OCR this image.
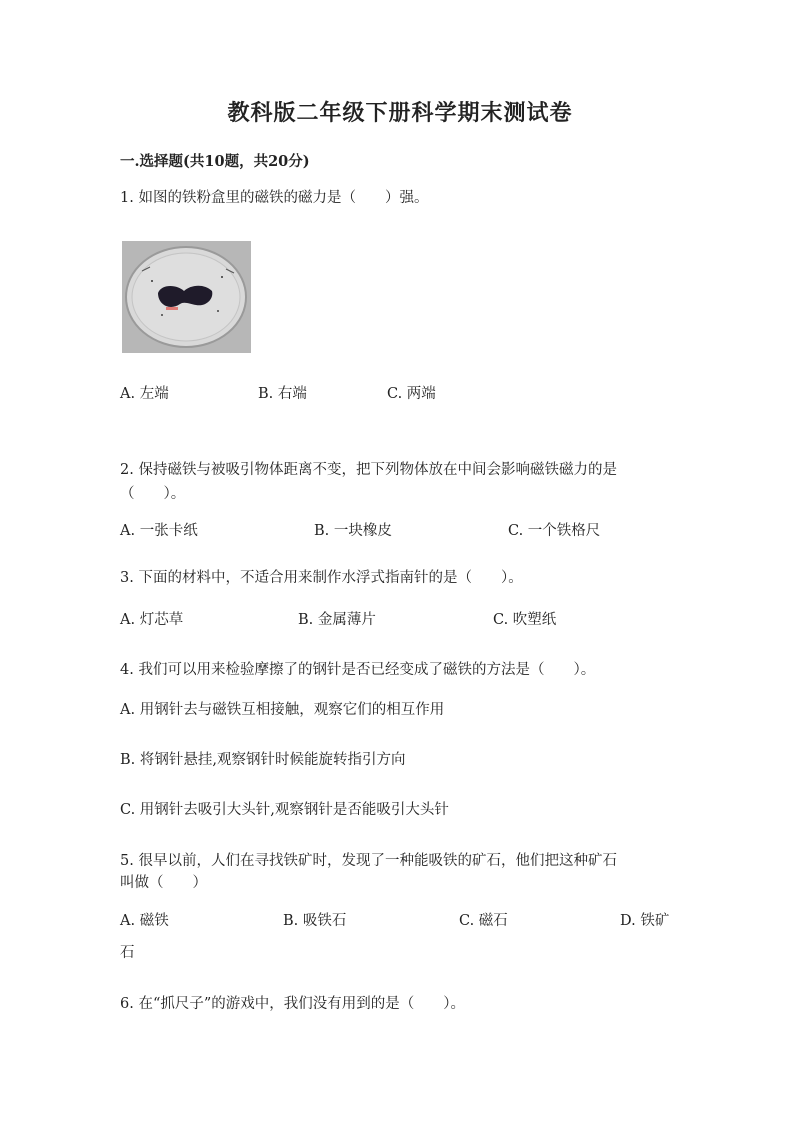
教科版二年级下册科学期末测试卷
一.选择题(共10题，共20分)
1. 如图的铁粉盒里的磁铁的磁力是（　　）强。
A. 左端	B. 右端	C. 两端
2. 保持磁铁与被吸引物体距离不变，把下列物体放在中间会影响磁铁磁力的是
（　　）。
A. 一张卡纸	B. 一块橡皮	C. 一个铁格尺
3. 下面的材料中，不适合用来制作水浮式指南针的是（　　）。
A. 灯芯草	B. 金属薄片	C. 吹塑纸
4. 我们可以用来检验摩擦了的钢针是否已经变成了磁铁的方法是（　　）。
A. 用钢针去与磁铁互相接触，观察它们的相互作用
B. 将钢针悬挂,观察钢针时候能旋转指引方向
C. 用钢针去吸引大头针,观察钢针是否能吸引大头针
5. 很早以前，人们在寻找铁矿时，发现了一种能吸铁的矿石，他们把这种矿石
叫做（　　）
A. 磁铁	B. 吸铁石	C. 磁石	D. 铁矿
石
6. 在“抓尺子”的游戏中，我们没有用到的是（　　）。
